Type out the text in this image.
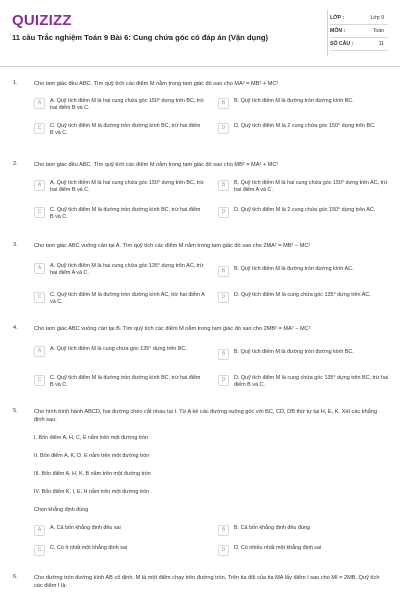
QUIZIZZ
11 câu Trắc nghiệm Toán 9 Bài 6: Cung chứa góc có đáp án (Vận dụng)
LỚP :	Lớp 9
MÔN :	Toán
SỐ CÂU :	11
1.	Cho tam giác đều ABC. Tìm quỹ tích các điểm M nằm trong tam giác đó sao cho MA² = MB² + MC²
A	A. Quỹ tích điểm M là hai cung chứa góc 150° dựng trên BC, trừ hai điểm B và C.
B	B. Quỹ tích điểm M là đường tròn đường kính BC.
C	C. Quỹ tích điểm M là đường tròn đường kính BC, trừ hai điểm B và C.
D	D. Quỹ tích điểm M là 2 cung chứa góc 150° dựng trên BC.
2.	Cho tam giác đều ABC. Tìm quỹ tích các điểm M nằm trong tam giác đó sao cho MB² = MA² + MC²
A	A. Quỹ tích điểm M là hai cung chứa góc 150° dựng trên BC, trừ hai điểm B và C.
B	B. Quỹ tích điểm M là hai cung chứa góc 150° dựng trên AC, trừ hai điểm A và C.
C	C. Quỹ tích điểm M là đường tròn đường kính BC, trừ hai điểm B và C.
D	D. Quỹ tích điểm M là 2 cung chứa góc 150° dựng trên AC.
3.	Cho tam giác ABC vuông cân tại A. Tìm quỹ tích các điểm M nằm trong tam giác đó sao cho 2MA² = MB² − MC²
A	A. Quỹ tích điểm M là hai cung chứa góc 135° dựng trên AC, trừ hai điểm A và C.	B	B. Quỹ tích điểm M là đường tròn đường kính AC.
C	C. Quỹ tích điểm M là đường tròn đường kính AC, trừ hai điểm A và C.
D	D. Quỹ tích điểm M là cung chứa góc 135° dựng trên AC.
4.	Cho tam giác ABC vuông cân tại B. Tìm quỹ tích các điểm M nằm trong tam giác đó sao cho 2MB² = MA² − MC²
A	A. Quỹ tích điểm M là cung chứa góc 135° dựng trên BC.
B	B. Quỹ tích điểm M là đường tròn đường kính BC.
C	C. Quỹ tích điểm M là đường tròn đường kính BC, trừ hai điểm B và C.
D	D. Quỹ tích điểm M là cung chứa góc 135° dựng trên BC, trừ hai điểm B và C.
5.	Cho hình bình hành ABCD, hai đường chéo cắt nhau tại I. Từ A kẻ các đường vuông góc với BC, CD, DB thứ tự tại H, E, K. Xét các khẳng định sau:
I. Bốn điểm A, H, C, E nằm trên một đường tròn
II. Bốn điểm A, K, D, E nằm trên một đường tròn
III. Bốn điểm A, H, K, B nằm trên một đường tròn
IV. Bốn điểm K, I, E, H nằm trên một đường tròn
Chọn khẳng định đúng
A	A. Cả bốn khẳng định đều sai	B	B. Cả bốn khẳng định đều đúng
C	C. Có ít nhất một khẳng định sai	D	D. Có nhiều nhất một khẳng định sai
6.	Cho đường tròn đường kính AB cố định, M là một điểm chạy trên đường tròn. Trên tia đối của tia MA lấy điểm I sao cho MI = 2MB. Quỹ tích các điểm I là:
